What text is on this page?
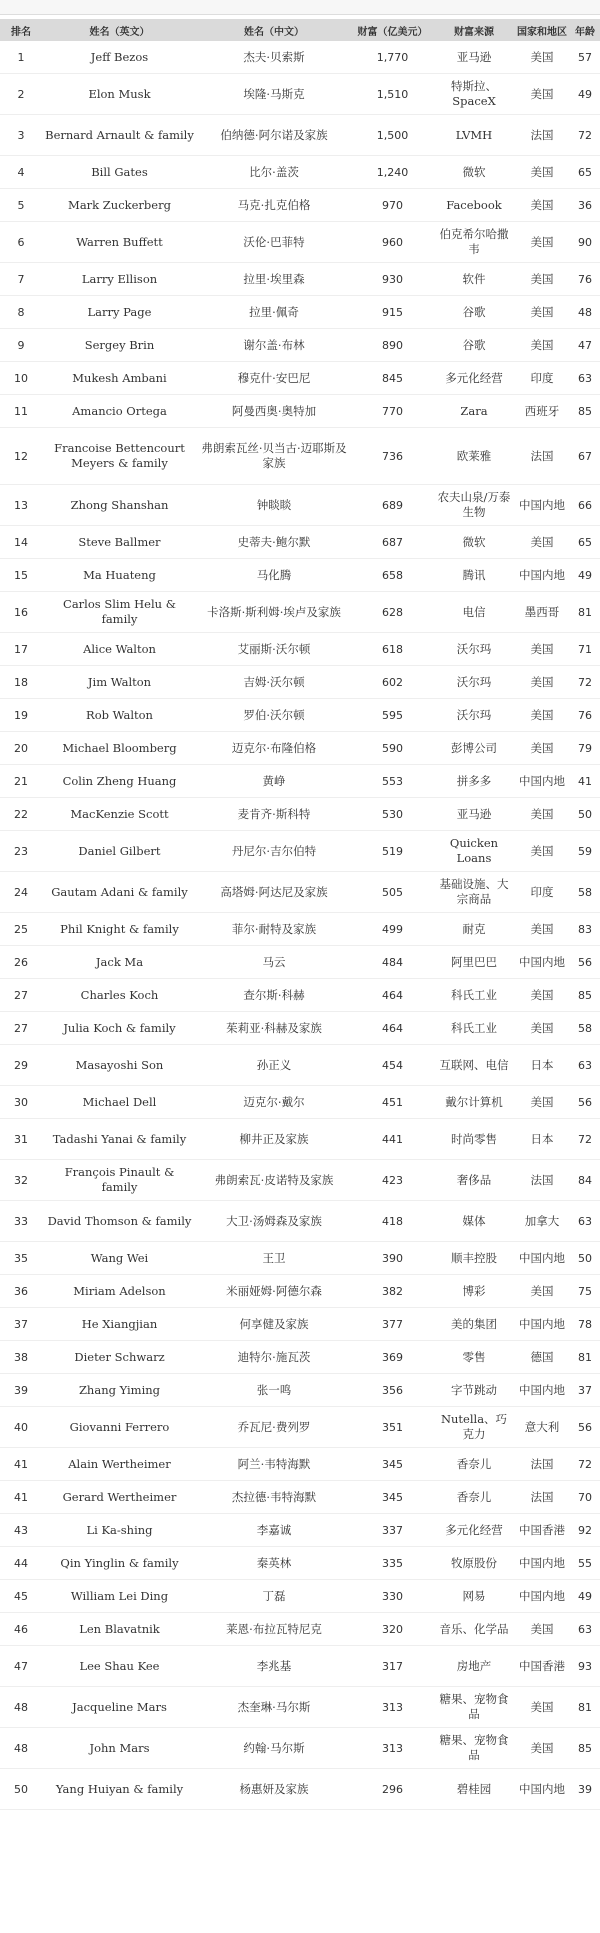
排名	姓名（英文）	姓名（中文）	财富（亿美元）	财富来源	国家和地区	年龄
1	Jeff Bezos	杰夫·贝索斯	1,770	亚马逊	美国	57
2	Elon Musk	埃隆·马斯克	1,510	特斯拉、SpaceX	美国	49
3	Bernard Arnault & family	伯纳德·阿尔诺及家族	1,500	LVMH	法国	72
4	Bill Gates	比尔·盖茨	1,240	微软	美国	65
5	Mark Zuckerberg	马克·扎克伯格	970	Facebook	美国	36
6	Warren Buffett	沃伦·巴菲特	960	伯克希尔哈撒韦	美国	90
7	Larry Ellison	拉里·埃里森	930	软件	美国	76
8	Larry Page	拉里·佩奇	915	谷歌	美国	48
9	Sergey Brin	谢尔盖·布林	890	谷歌	美国	47
10	Mukesh Ambani	穆克什·安巴尼	845	多元化经营	印度	63
11	Amancio Ortega	阿曼西奥·奥特加	770	Zara	西班牙	85
12	Francoise Bettencourt Meyers & family	弗朗索瓦丝·贝当古·迈耶斯及家族	736	欧莱雅	法国	67
13	Zhong Shanshan	钟睒睒	689	农夫山泉/万泰生物	中国内地	66
14	Steve Ballmer	史蒂夫·鲍尔默	687	微软	美国	65
15	Ma Huateng	马化腾	658	腾讯	中国内地	49
16	Carlos Slim Helu & family	卡洛斯·斯利姆·埃卢及家族	628	电信	墨西哥	81
17	Alice Walton	艾丽斯·沃尔顿	618	沃尔玛	美国	71
18	Jim Walton	吉姆·沃尔顿	602	沃尔玛	美国	72
19	Rob Walton	罗伯·沃尔顿	595	沃尔玛	美国	76
20	Michael Bloomberg	迈克尔·布隆伯格	590	彭博公司	美国	79
21	Colin Zheng Huang	黄峥	553	拼多多	中国内地	41
22	MacKenzie Scott	麦肯齐·斯科特	530	亚马逊	美国	50
23	Daniel Gilbert	丹尼尔·吉尔伯特	519	Quicken Loans	美国	59
24	Gautam Adani & family	高塔姆·阿达尼及家族	505	基础设施、大宗商品	印度	58
25	Phil Knight & family	菲尔·耐特及家族	499	耐克	美国	83
26	Jack Ma	马云	484	阿里巴巴	中国内地	56
27	Charles Koch	查尔斯·科赫	464	科氏工业	美国	85
27	Julia Koch & family	茱莉亚·科赫及家族	464	科氏工业	美国	58
29	Masayoshi Son	孙正义	454	互联网、电信	日本	63
30	Michael Dell	迈克尔·戴尔	451	戴尔计算机	美国	56
31	Tadashi Yanai & family	柳井正及家族	441	时尚零售	日本	72
32	François Pinault & family	弗朗索瓦·皮诺特及家族	423	奢侈品	法国	84
33	David Thomson & family	大卫·汤姆森及家族	418	媒体	加拿大	63
35	Wang Wei	王卫	390	顺丰控股	中国内地	50
36	Miriam Adelson	米丽娅姆·阿德尔森	382	博彩	美国	75
37	He Xiangjian	何享健及家族	377	美的集团	中国内地	78
38	Dieter Schwarz	迪特尔·施瓦茨	369	零售	德国	81
39	Zhang Yiming	张一鸣	356	字节跳动	中国内地	37
40	Giovanni Ferrero	乔瓦尼·费列罗	351	Nutella、巧克力	意大利	56
41	Alain Wertheimer	阿兰·韦特海默	345	香奈儿	法国	72
41	Gerard Wertheimer	杰拉德·韦特海默	345	香奈儿	法国	70
43	Li Ka-shing	李嘉诚	337	多元化经营	中国香港	92
44	Qin Yinglin & family	秦英林	335	牧原股份	中国内地	55
45	William Lei Ding	丁磊	330	网易	中国内地	49
46	Len Blavatnik	莱恩·布拉瓦特尼克	320	音乐、化学品	美国	63
47	Lee Shau Kee	李兆基	317	房地产	中国香港	93
48	Jacqueline Mars	杰奎琳·马尔斯	313	糖果、宠物食品	美国	81
48	John Mars	约翰·马尔斯	313	糖果、宠物食品	美国	85
50	Yang Huiyan & family	杨惠妍及家族	296	碧桂园	中国内地	39
